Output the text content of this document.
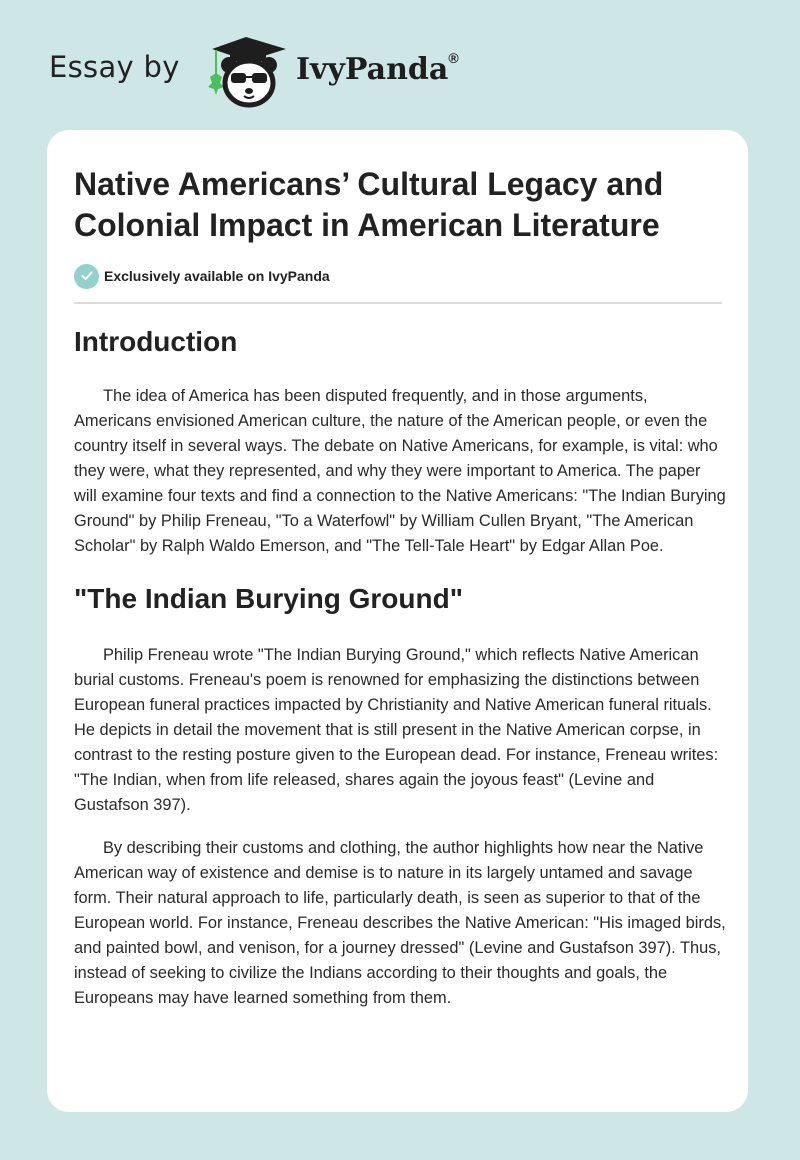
Essay by	IvyPanda®
Native Americans’ Cultural Legacy and Colonial Impact in American Literature
Exclusively available on IvyPanda
Introduction

The idea of America has been disputed frequently, and in those arguments, Americans envisioned American culture, the nature of the American people, or even the country itself in several ways. The debate on Native Americans, for example, is vital: who they were, what they represented, and why they were important to America. The paper will examine four texts and find a connection to the Native Americans: "The Indian Burying Ground" by Philip Freneau, "To a Waterfowl" by William Cullen Bryant, "The American Scholar" by Ralph Waldo Emerson, and "The Tell-Tale Heart" by Edgar Allan Poe.

"The Indian Burying Ground"

Philip Freneau wrote "The Indian Burying Ground," which reflects Native American burial customs. Freneau's poem is renowned for emphasizing the distinctions between European funeral practices impacted by Christianity and Native American funeral rituals. He depicts in detail the movement that is still present in the Native American corpse, in contrast to the resting posture given to the European dead. For instance, Freneau writes: "The Indian, when from life released, shares again the joyous feast" (Levine and Gustafson 397).

By describing their customs and clothing, the author highlights how near the Native American way of existence and demise is to nature in its largely untamed and savage form. Their natural approach to life, particularly death, is seen as superior to that of the European world. For instance, Freneau describes the Native American: "His imaged birds, and painted bowl, and venison, for a journey dressed" (Levine and Gustafson 397). Thus, instead of seeking to civilize the Indians according to their thoughts and goals, the Europeans may have learned something from them.
